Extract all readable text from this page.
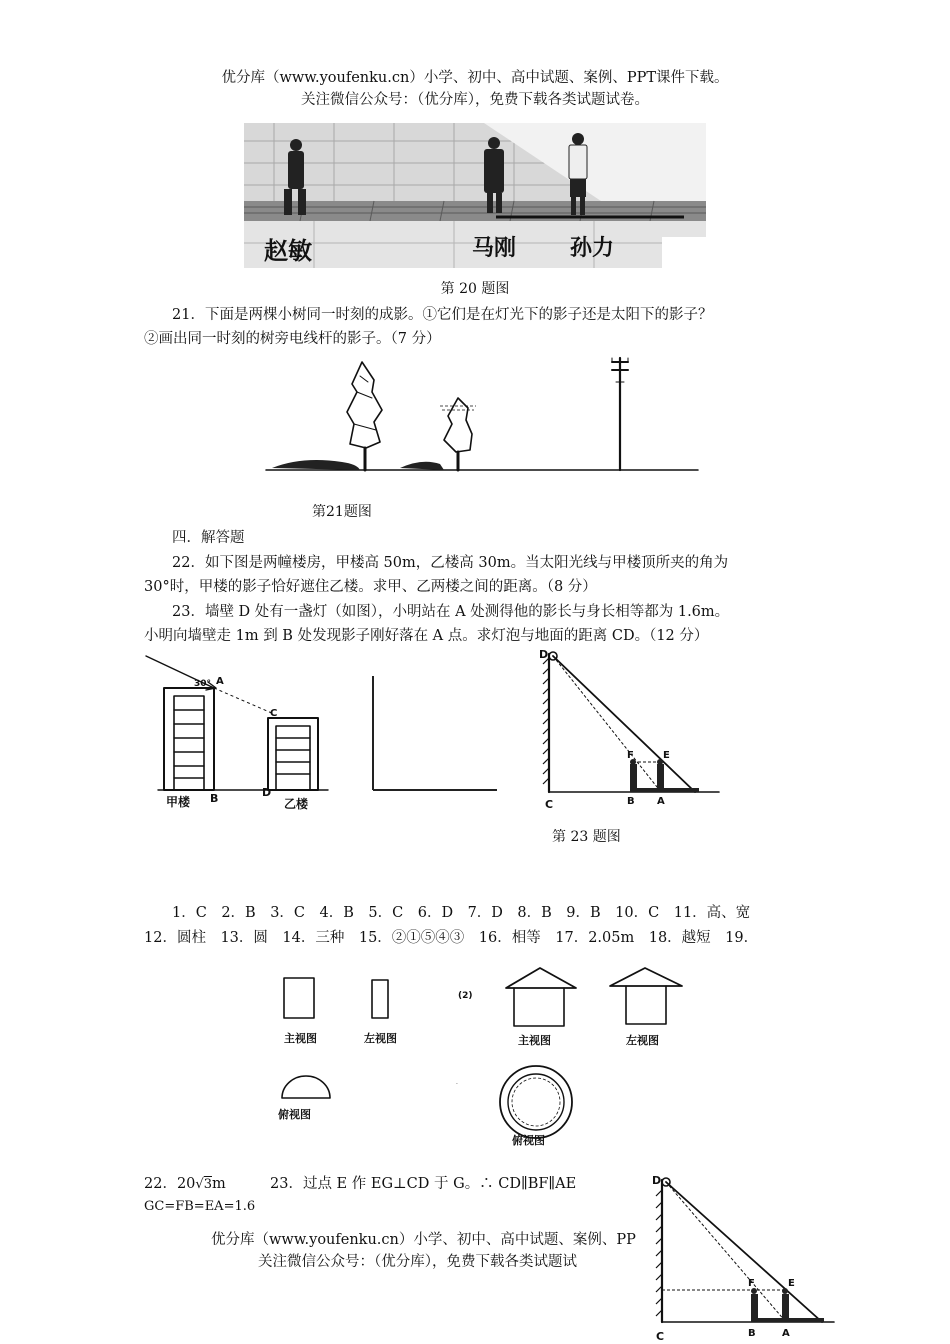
优分库（www.youfenku.cn）小学、初中、高中试题、案例、PPT课件下载。
关注微信公众号：（优分库），免费下载各类试题试卷。
赵敏	马刚 孙力
第 20 题图
21．下面是两棵小树同一时刻的成影。①它们是在灯光下的影子还是太阳下的影子？
②画出同一时刻的树旁电线杆的影子。（7 分）
第21题图
四．解答题
22．如下图是两幢楼房，甲楼高 50m，乙楼高 30m。当太阳光线与甲楼顶所夹的角为
30°时，甲楼的影子恰好遮住乙楼。求甲、乙两楼之间的距离。（8 分）
23．墙壁 D 处有一盏灯（如图），小明站在 A 处测得他的影长与身长相等都为 1.6m。
小明向墙壁走 1m 到 B 处发现影子刚好落在 A 点。求灯泡与地面的距离 CD。（12 分）
30° A
C
甲楼 B	D
乙楼
D
F	E
C	B A
第 23 题图
1．C　2．B　3．C　4．B　5．C　6．D　7．D　8．B　9．B　10．C　11．高、宽
12．圆柱　13．圆　14．三种　15．②①⑤④③　16．相等　17．2.05m　18．越短　19．
主视图	左视图
(2)
主视图	左视图
俯视图
俯视图
·
22．20√3m	23．过点 E 作 EG⊥CD 于 G。∴ CD∥BF∥AE
GC=FB=EA=1.6
优分库（www.youfenku.cn）小学、初中、高中试题、案例、PP
关注微信公众号：（优分库），免费下载各类试题试
D
F	E
C	B	A
